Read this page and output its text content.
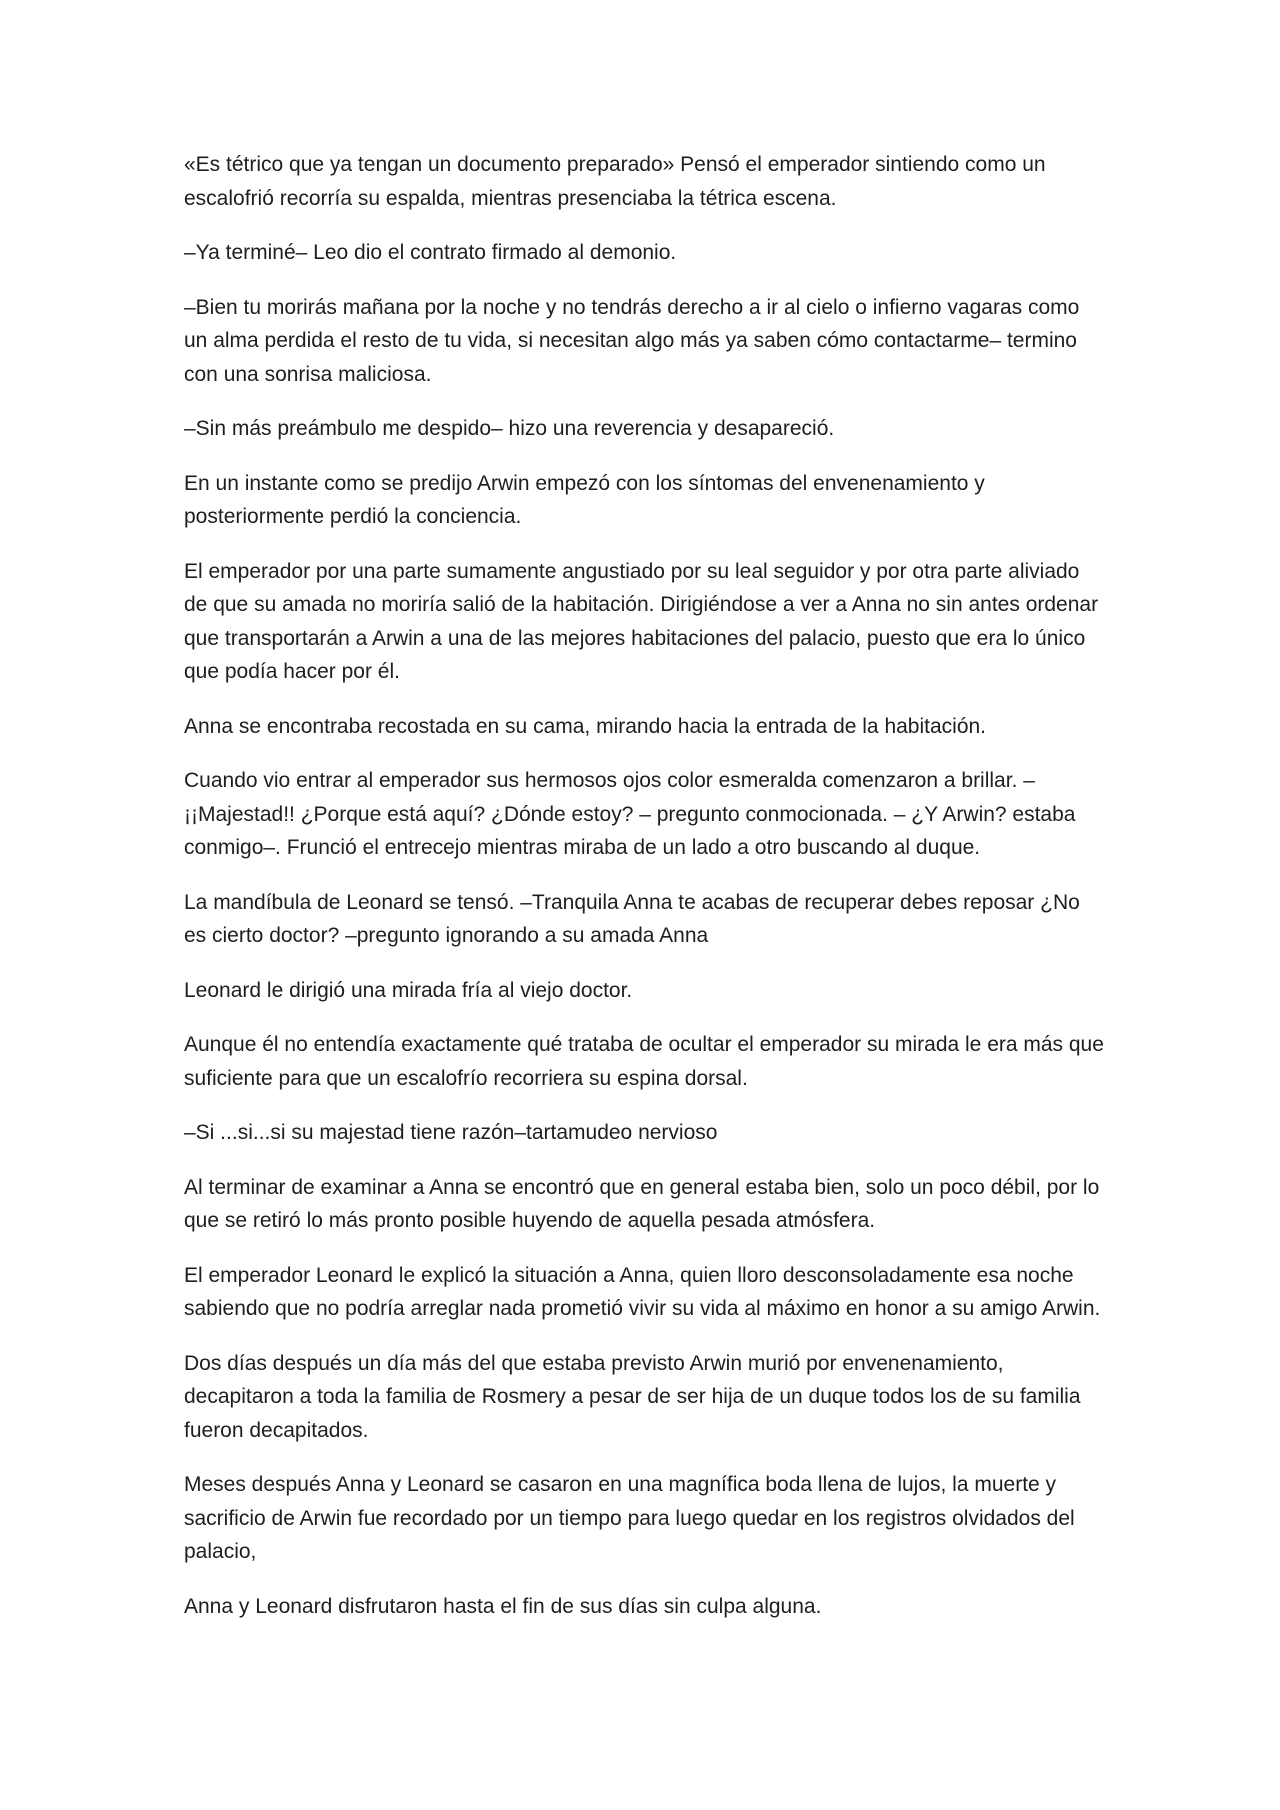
«Es tétrico que ya tengan un documento preparado» Pensó el emperador sintiendo como un escalofrió recorría su espalda, mientras presenciaba la tétrica escena.

–Ya terminé– Leo dio el contrato firmado al demonio.

–Bien tu morirás mañana por la noche y no tendrás derecho a ir al cielo o infierno vagaras como un alma perdida el resto de tu vida, si necesitan algo más ya saben cómo contactarme– termino con una sonrisa maliciosa.

–Sin más preámbulo me despido– hizo una reverencia y desapareció.

En un instante como se predijo Arwin empezó con los síntomas del envenenamiento y posteriormente perdió la conciencia.

El emperador por una parte sumamente angustiado por su leal seguidor y por otra parte aliviado de que su amada no moriría salió de la habitación. Dirigiéndose a ver a Anna no sin antes ordenar que transportarán a Arwin a una de las mejores habitaciones del palacio, puesto que era lo único que podía hacer por él.

Anna se encontraba recostada en su cama, mirando hacia la entrada de la habitación.

Cuando vio entrar al emperador sus hermosos ojos color esmeralda comenzaron a brillar. – ¡¡Majestad!! ¿Porque está aquí? ¿Dónde estoy? – pregunto conmocionada. – ¿Y Arwin? estaba conmigo–. Frunció el entrecejo mientras miraba de un lado a otro buscando al duque.

La mandíbula de Leonard se tensó. –Tranquila Anna te acabas de recuperar debes reposar ¿No es cierto doctor? –pregunto ignorando a su amada Anna

Leonard le dirigió una mirada fría al viejo doctor.

Aunque él no entendía exactamente qué trataba de ocultar el emperador su mirada le era más que suficiente para que un escalofrío recorriera su espina dorsal.

–Si ...si...si su majestad tiene razón–tartamudeo nervioso

Al terminar de examinar a Anna se encontró que en general estaba bien, solo un poco débil, por lo que se retiró lo más pronto posible huyendo de aquella pesada atmósfera.

El emperador Leonard le explicó la situación a Anna, quien lloro desconsoladamente esa noche sabiendo que no podría arreglar nada prometió vivir su vida al máximo en honor a su amigo Arwin.

Dos días después un día más del que estaba previsto Arwin murió por envenenamiento, decapitaron a toda la familia de Rosmery a pesar de ser hija de un duque todos los de su familia fueron decapitados.

Meses después Anna y Leonard se casaron en una magnífica boda llena de lujos, la muerte y sacrificio de Arwin fue recordado por un tiempo para luego quedar en los registros olvidados del palacio,

Anna y Leonard disfrutaron hasta el fin de sus días sin culpa alguna.
